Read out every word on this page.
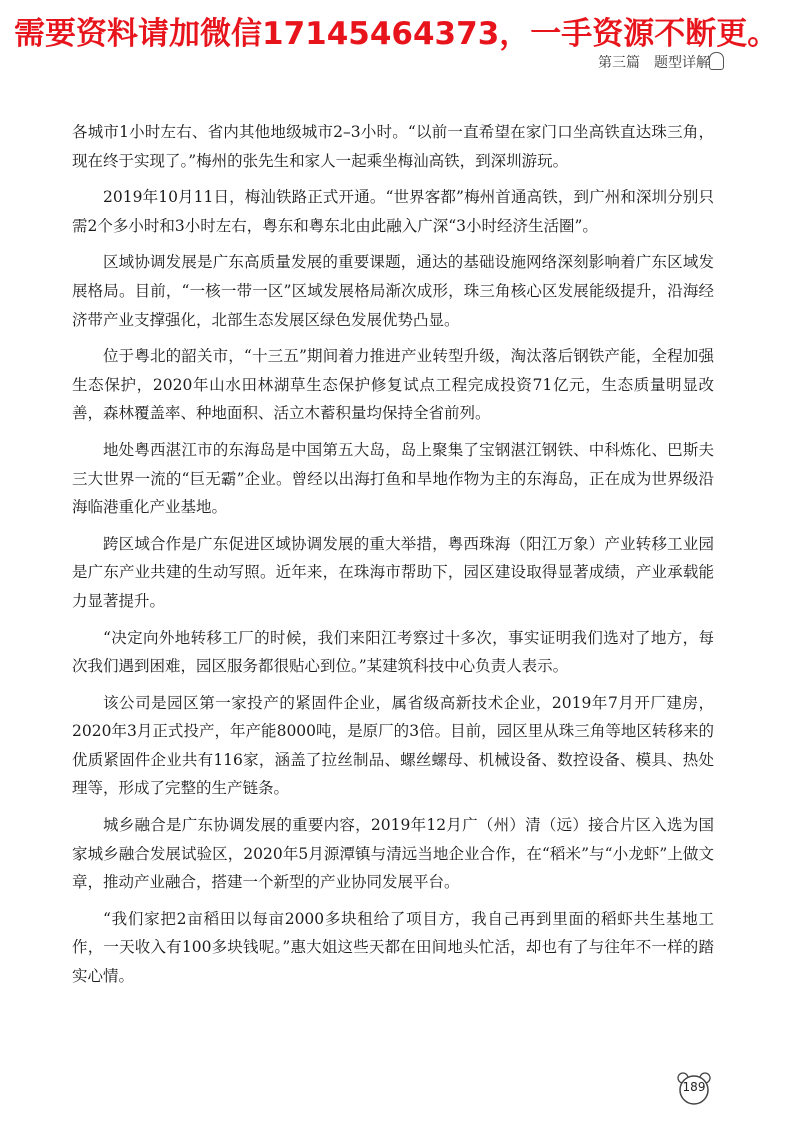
需要资料请加微信17145464373，一手资源不断更。
第三篇　题型详解

各城市1小时左右、省内其他地级城市2–3小时。“以前一直希望在家门口坐高铁直达珠三角，现在终于实现了。”梅州的张先生和家人一起乘坐梅汕高铁，到深圳游玩。

2019年10月11日，梅汕铁路正式开通。“世界客都”梅州首通高铁，到广州和深圳分别只需2个多小时和3小时左右，粤东和粤东北由此融入广深“3小时经济生活圈”。

区域协调发展是广东高质量发展的重要课题，通达的基础设施网络深刻影响着广东区域发展格局。目前，“一核一带一区”区域发展格局渐次成形，珠三角核心区发展能级提升，沿海经济带产业支撑强化，北部生态发展区绿色发展优势凸显。

位于粤北的韶关市，“十三五”期间着力推进产业转型升级，淘汰落后钢铁产能，全程加强生态保护，2020年山水田林湖草生态保护修复试点工程完成投资71亿元，生态质量明显改善，森林覆盖率、种地面积、活立木蓄积量均保持全省前列。

地处粤西湛江市的东海岛是中国第五大岛，岛上聚集了宝钢湛江钢铁、中科炼化、巴斯夫三大世界一流的“巨无霸”企业。曾经以出海打鱼和旱地作物为主的东海岛，正在成为世界级沿海临港重化产业基地。

跨区域合作是广东促进区域协调发展的重大举措，粤西珠海（阳江万象）产业转移工业园是广东产业共建的生动写照。近年来，在珠海市帮助下，园区建设取得显著成绩，产业承载能力显著提升。

“决定向外地转移工厂的时候，我们来阳江考察过十多次，事实证明我们选对了地方，每次我们遇到困难，园区服务都很贴心到位。”某建筑科技中心负责人表示。

该公司是园区第一家投产的紧固件企业，属省级高新技术企业，2019年7月开厂建房，2020年3月正式投产，年产能8000吨，是原厂的3倍。目前，园区里从珠三角等地区转移来的优质紧固件企业共有116家，涵盖了拉丝制品、螺丝螺母、机械设备、数控设备、模具、热处理等，形成了完整的生产链条。

城乡融合是广东协调发展的重要内容，2019年12月广（州）清（远）接合片区入选为国家城乡融合发展试验区，2020年5月源潭镇与清远当地企业合作，在“稻米”与“小龙虾”上做文章，推动产业融合，搭建一个新型的产业协同发展平台。

“我们家把2亩稻田以每亩2000多块租给了项目方，我自己再到里面的稻虾共生基地工作，一天收入有100多块钱呢。”惠大姐这些天都在田间地头忙活，却也有了与往年不一样的踏实心情。

189
